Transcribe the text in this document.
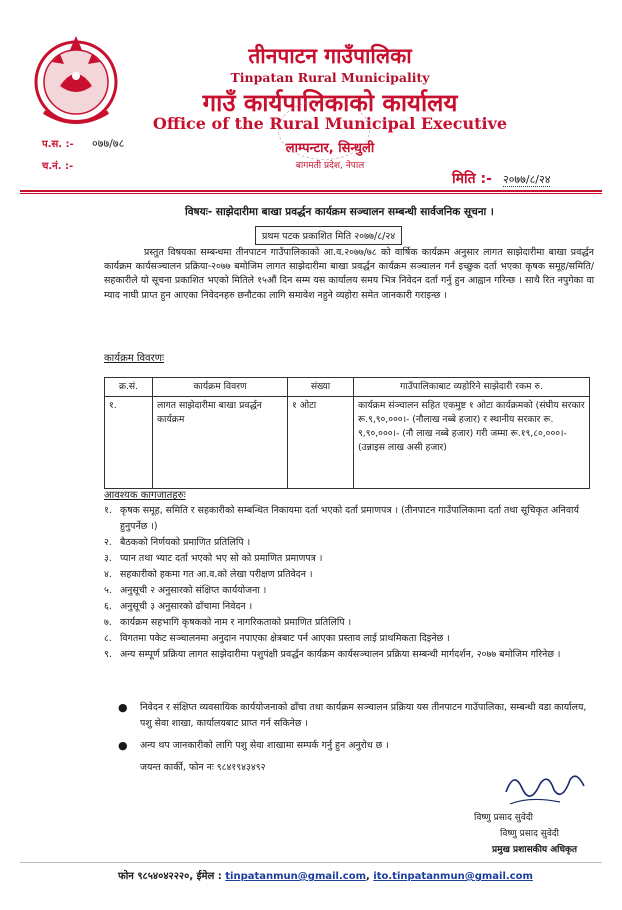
तीनपाटन गाउँपालिका
Tinpatan Rural Municipality
गाउँ कार्यपालिकाको कार्यालय
Office of the Rural Municipal Executive
लाम्पन्टार, सिन्धुली
बागमती प्रदेश, नेपाल
प.स. :- ०७७/७८
च.नं. :-
मिति :- २०७७/८/२४
विषयः- साझेदारीमा बाखा प्रवर्द्धन कार्यक्रम सञ्चालन सम्बन्धी सार्वजनिक सूचना ।
प्रथम पटक प्रकाशित मिति २०७७/८/२४
प्रस्तुत विषयका सम्बन्धमा तीनपाटन गाउँपालिकाको आ.व.२०७७/७८ को वार्षिक कार्यक्रम अनुसार लागत साझेदारीमा बाखा प्रवर्द्धन कार्यक्रम कार्यसञ्चालन प्रक्रिया-२०७७ बमोजिम लागत साझेदारीमा बाखा प्रवर्द्धन कार्यक्रम सञ्चालन गर्न इच्छुक दर्ता भएका कृषक समूह/समिति/सहकारीले यो सूचना प्रकाशित भएको मितिले १५औं दिन सम्म यस कार्यालय समय भित्र निवेदन दर्ता गर्नु हुन आह्वान गरिन्छ । साथै रित नपुगेका वा म्याद नाघी प्राप्त हुन आएका निवेदनहरु छनौटका लागि समावेश नहुने व्यहोरा समेत जानकारी गराइन्छ ।
कार्यक्रम विवरणः
क्र.सं.	कार्यक्रम विवरण	संख्या	गाउँपालिकाबाट व्यहोरिने साझेदारी रकम रु.
१.	लागत साझेदारीमा बाखा प्रवर्द्धन कार्यक्रम	१ ओटा	कार्यक्रम संञ्चालन सहित एकमुष्ट १ ओटा कार्यक्रमको (संघीय सरकार रू.९,९०,०००।- (नौलाख नब्बे हजार) र स्थानीय सरकार रू. ९,९०,०००।- (नौ लाख नब्बे हजार) गरी जम्मा रू.१९,८०,०००।- (उन्नाइस लाख असी हजार)
आवश्यक कागजातहरुः
१. कृषक समूह, समिति र सहकारीको सम्बन्धित निकायमा दर्ता भएको दर्ता प्रमाणपत्र । (तीनपाटन गाउँपालिकामा दर्ता तथा सूचिकृत अनिवार्य हुनुपर्नेछ ।)
२. बैठकको निर्णयको प्रमाणित प्रतिलिपि ।
३. प्यान तथा भ्याट दर्ता भएको भए सो को प्रमाणित प्रमाणपत्र ।
४. सहकारीको हकमा गत आ.व.को लेखा परीक्षण प्रतिवेदन ।
५. अनुसूची २ अनुसारको संक्षिप्त कार्ययोजना ।
६. अनुसूची ३ अनुसारको ढाँचामा निवेदन ।
७. कार्यक्रम सहभागि कृषकको नाम र नागरिकताको प्रमाणित प्रतिलिपि ।
८. विगतमा पकेट सञ्चालनमा अनुदान नपाएका क्षेत्रबाट पर्न आएका प्रस्ताव लाई प्राथमिकता दिइनेछ ।
९. अन्य सम्पूर्ण प्रक्रिया लागत साझेदारीमा पशुपंक्षी प्रवर्द्धन कार्यक्रम कार्यसञ्चालन प्रक्रिया सम्बन्धी मार्गदर्शन, २०७७ बमोजिम गरिनेछ ।
●	निवेदन र संक्षिप्त व्यवसायिक कार्ययोजनाको ढाँचा तथा कार्यक्रम सञ्चालन प्रक्रिया यस तीनपाटन गाउँपालिका, सम्बन्धी वडा कार्यालय, पशु सेवा शाखा, कार्यालयबाट प्राप्त गर्न सकिनेछ ।
●	अन्य थप जानकारीको लागि पशु सेवा शाखामा सम्पर्क गर्नु हुन अनुरोध छ ।
जयन्त कार्की, फोन नः ९८४१९४३४९२
विष्णु प्रसाद सुवेदी
विष्णु प्रसाद सुवेदी
प्रमुख प्रशासकीय अधिकृत
फोन ९८५४०४२२२०, ईमेल : tinpatanmun@gmail.com, ito.tinpatanmun@gmail.com
